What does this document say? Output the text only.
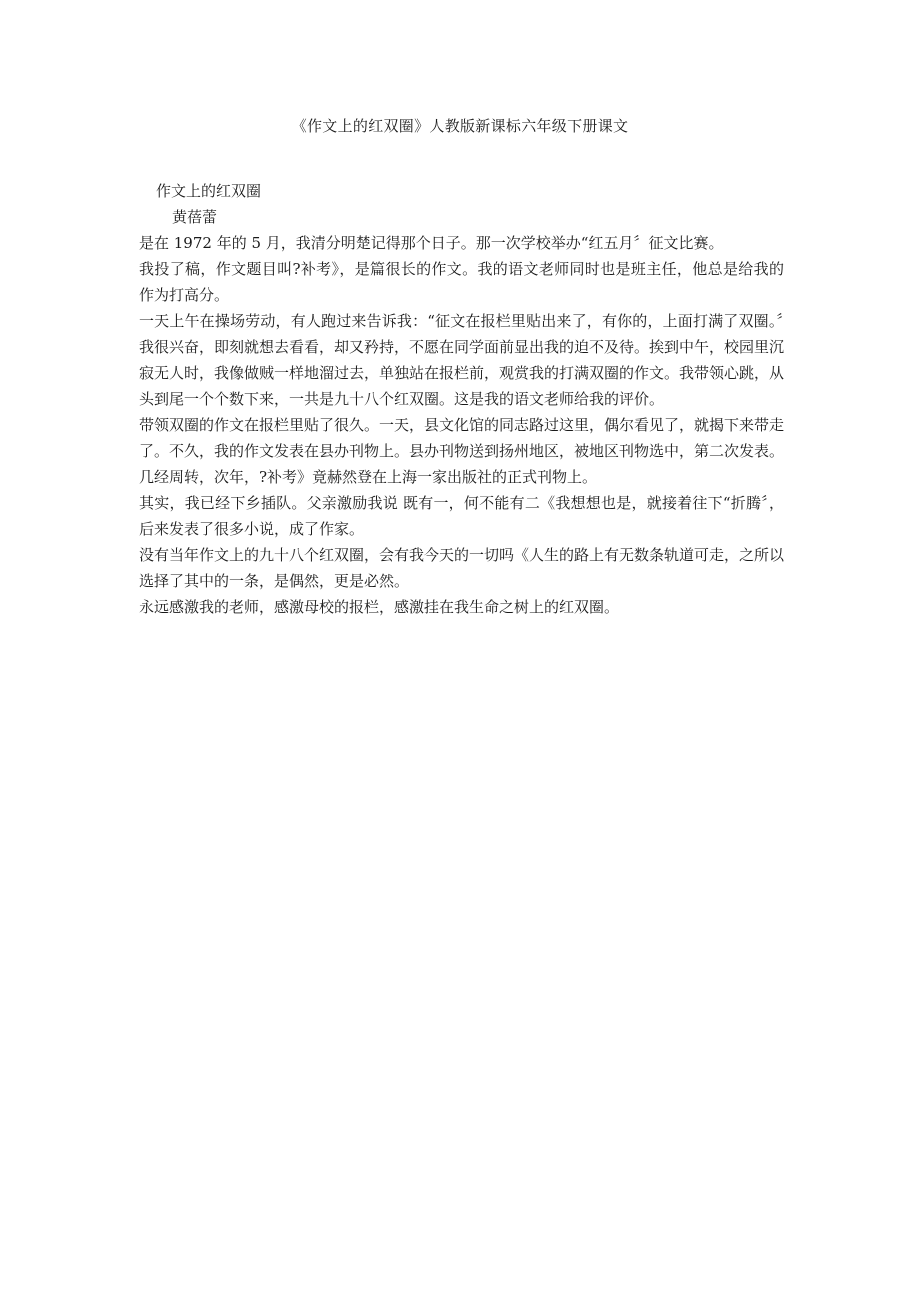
《作文上的红双圈》人教版新课标六年级下册课文
作文上的红双圈
黄蓓蕾

是在 1972 年的 5 月，我清分明楚记得那个日子。那一次学校举办“红五月〞征文比赛。

我投了稿，作文题目叫?补考》，是篇很长的作文。我的语文老师同时也是班主任，他总是给我的作为打高分。

一天上午在操场劳动，有人跑过来告诉我：“征文在报栏里贴出来了，有你的，上面打满了双圈。〞我很兴奋，即刻就想去看看，却又矜持，不愿在同学面前显出我的迫不及待。挨到中午，校园里沉寂无人时，我像做贼一样地溜过去，单独站在报栏前，观赏我的打满双圈的作文。我带领心跳，从头到尾一个个数下来，一共是九十八个红双圈。这是我的语文老师给我的评价。

带领双圈的作文在报栏里贴了很久。一天，县文化馆的同志路过这里，偶尔看见了，就揭下来带走了。不久，我的作文发表在县办刊物上。县办刊物送到扬州地区，被地区刊物选中，第二次发表。几经周转，次年，?补考》竟赫然登在上海一家出版社的正式刊物上。

其实，我已经下乡插队。父亲激励我说 既有一，何不能有二《我想想也是，就接着往下“折腾〞，后来发表了很多小说，成了作家。

没有当年作文上的九十八个红双圈，会有我今天的一切吗《人生的路上有无数条轨道可走，之所以选择了其中的一条，是偶然，更是必然。

永远感激我的老师，感激母校的报栏，感激挂在我生命之树上的红双圈。
